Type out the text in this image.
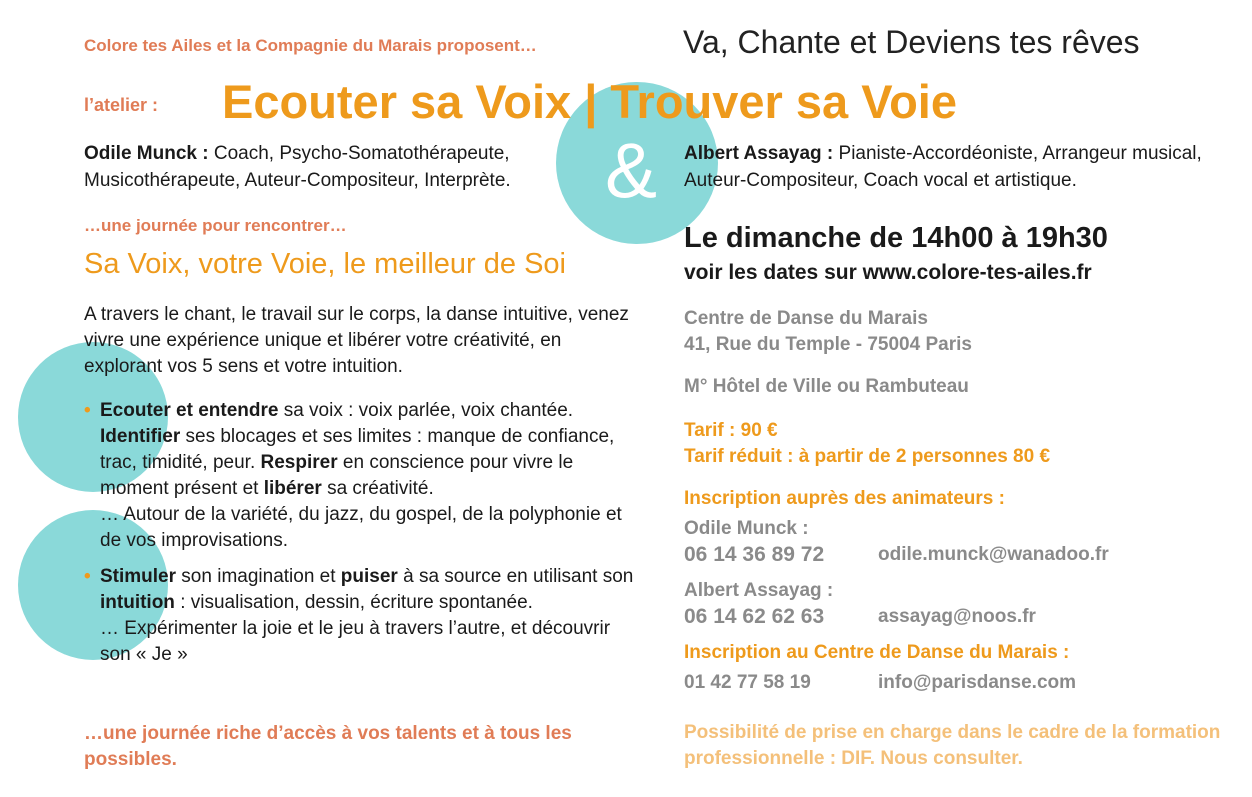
Colore tes Ailes et la Compagnie du Marais proposent…	Va, Chante et Deviens tes rêves
l’atelier : Ecouter sa Voix | Trouver sa Voie
&
Odile Munck : Coach, Psycho-Somatothérapeute, Musicothérapeute, Auteur-Compositeur, Interprète.
Albert Assayag : Pianiste-Accordéoniste, Arrangeur musical, Auteur-Compositeur, Coach vocal et artistique.
…une journée pour rencontrer…
Sa Voix, votre Voie, le meilleur de Soi
A travers le chant, le travail sur le corps, la danse intuitive, venez vivre une expérience unique et libérer votre créativité, en explorant vos 5 sens et votre intuition.
• Ecouter et entendre sa voix : voix parlée, voix chantée. Identifier ses blocages et ses limites : manque de confiance, trac, timidité, peur. Respirer en conscience pour vivre le moment présent et libérer sa créativité.
… Autour de la variété, du jazz, du gospel, de la polyphonie et de vos improvisations.
• Stimuler son imagination et puiser à sa source en utilisant son intuition : visualisation, dessin, écriture spontanée.
… Expérimenter la joie et le jeu à travers l’autre, et découvrir son « Je »
…une journée riche d’accès à vos talents et à tous les possibles.
Le dimanche de 14h00 à 19h30
voir les dates sur www.colore-tes-ailes.fr
Centre de Danse du Marais
41, Rue du Temple - 75004 Paris
M° Hôtel de Ville ou Rambuteau
Tarif : 90 €
Tarif réduit : à partir de 2 personnes 80 €
Inscription auprès des animateurs :
Odile Munck :
06 14 36 89 72	odile.munck@wanadoo.fr
Albert Assayag :
06 14 62 62 63	assayag@noos.fr
Inscription au Centre de Danse du Marais :
01 42 77 58 19	info@parisdanse.com
Possibilité de prise en charge dans le cadre de la formation professionnelle : DIF. Nous consulter.
